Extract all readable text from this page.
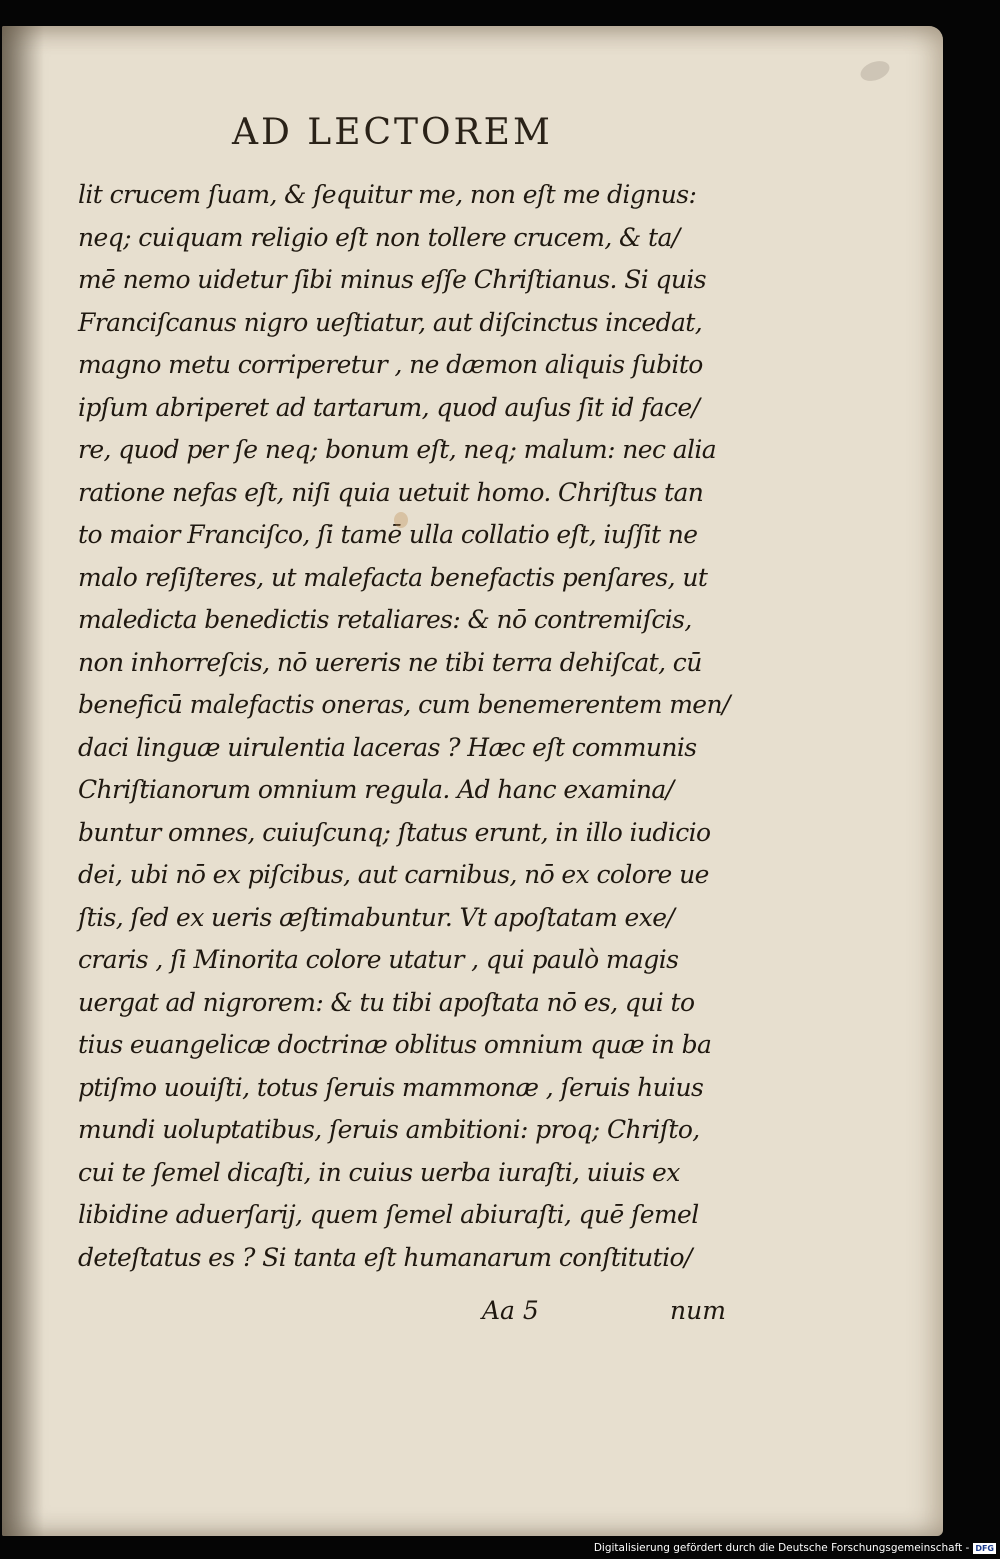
AD LECTOREM
lit crucem ſuam, & ſequitur me, non eſt me dignus:
neq; cuiquam religio eſt non tollere crucem, & ta/
mē nemo uidetur ſibi minus eſſe Chriſtianus. Si quis
Franciſcanus nigro ueſtiatur, aut diſcinctus incedat,
magno metu corriperetur , ne dæmon aliquis ſubito
ipſum abriperet ad tartarum, quod auſus ſit id face/
re, quod per ſe neq; bonum eſt, neq; malum: nec alia
ratione nefas eſt, niſi quia uetuit homo. Chriſtus tan
to maior Franciſco, ſi tamē ulla collatio eſt, iuſſit ne
malo reſiſteres, ut malefacta benefactis penſares, ut
maledicta benedictis retaliares: & nō contremiſcis,
non inhorreſcis, nō uereris ne tibi terra dehiſcat, cū
beneficū malefactis oneras, cum benemerentem men/
daci linguæ uirulentia laceras ? Hæc eſt communis
Chriſtianorum omnium regula. Ad hanc examina/
buntur omnes, cuiuſcunq; ſtatus erunt, in illo iudicio
dei, ubi nō ex piſcibus, aut carnibus, nō ex colore ue
ſtis, ſed ex ueris æſtimabuntur. Vt apoſtatam exe/
craris , ſi Minorita colore utatur , qui paulò magis
uergat ad nigrorem: & tu tibi apoſtata nō es, qui to
tius euangelicæ doctrinæ oblitus omnium quæ in ba
ptiſmo uouiſti, totus ſeruis mammonæ , ſeruis huius
mundi uoluptatibus, ſeruis ambitioni: proq; Chriſto,
cui te ſemel dicaſti, in cuius uerba iuraſti, uiuis ex
libidine aduerſarij, quem ſemel abiuraſti, quē ſemel
deteſtatus es ? Si tanta eſt humanarum conſtitutio/
Aa 5	num
Digitalisierung gefördert durch die Deutsche Forschungsgemeinschaft - DFG
